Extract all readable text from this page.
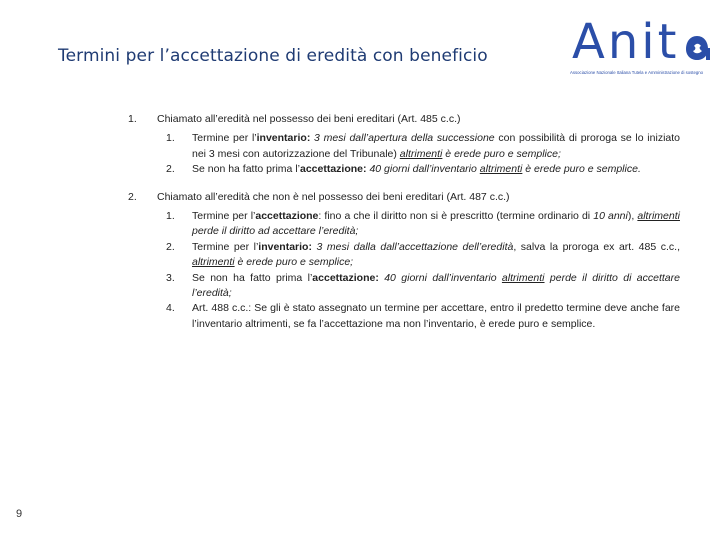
Termini per l’accettazione di eredità con beneficio Anit
Associazione Nazionale Italiana Tutela e Amministrazione di sostegno
1. Chiamato all’eredità nel possesso dei beni ereditari (Art. 485 c.c.)
1. Termine per l’inventario: 3 mesi dall’apertura della successione con possibilità di proroga se lo iniziato nei 3 mesi con autorizzazione del Tribunale) altrimenti è erede puro e semplice;
2. Se non ha fatto prima l’accettazione: 40 giorni dall’inventario altrimenti è erede puro e semplice.
2. Chiamato all’eredità che non è nel possesso dei beni ereditari (Art. 487 c.c.)
1. Termine per l’accettazione: fino a che il diritto non si è prescritto (termine ordinario di 10 anni), altrimenti perde il diritto ad accettare l’eredità;
2. Termine per l’inventario: 3 mesi dalla dall’accettazione dell’eredità, salva la proroga ex art. 485 c.c., altrimenti è erede puro e semplice;
3. Se non ha fatto prima l’accettazione: 40 giorni dall’inventario altrimenti perde il diritto di accettare l’eredità;
4. Art. 488 c.c.: Se gli è stato assegnato un termine per accettare, entro il predetto termine deve anche fare l’inventario altrimenti, se fa l’accettazione ma non l’inventario, è erede puro e semplice.
9
